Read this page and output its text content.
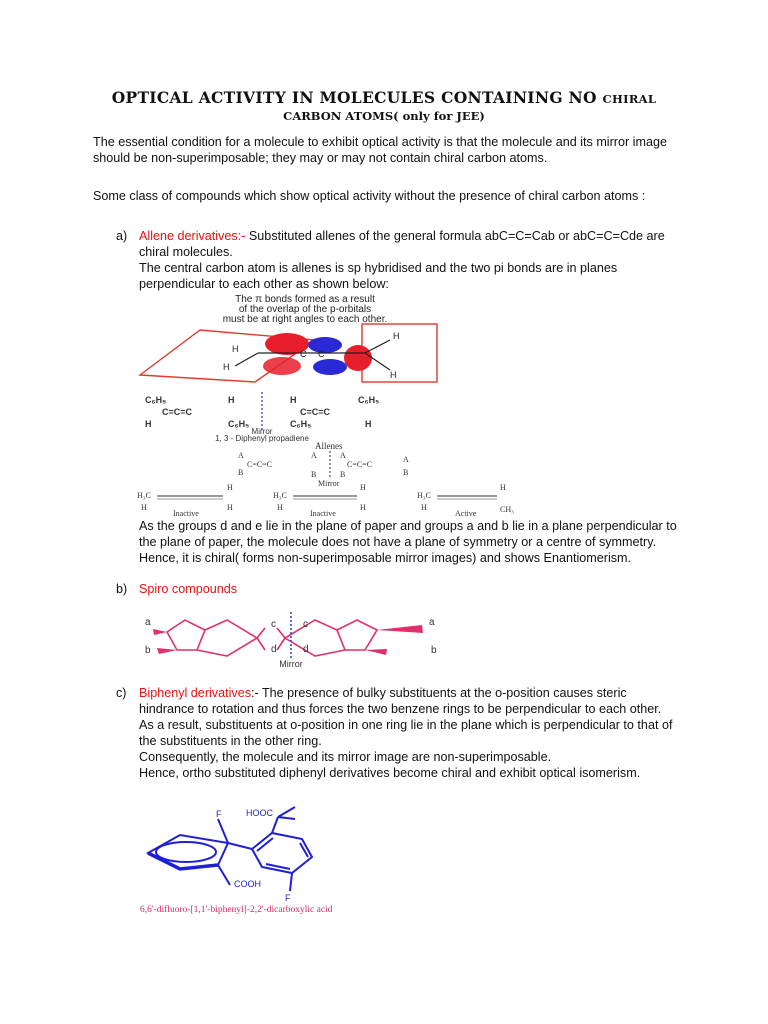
OPTICAL ACTIVITY IN MOLECULES CONTAINING NO CHIRAL
CARBON ATOMS( only for JEE)
The essential condition for a molecule to exhibit optical activity is that the molecule and its mirror image should be non-superimposable; they may or may not contain chiral carbon atoms.
Some class of compounds which show optical activity without the presence of chiral carbon atoms :
a) Allene derivatives:- Substituted allenes of the general formula abC=C=Cab or abC=C=Cde are chiral molecules.
The central carbon atom is allenes is sp hybridised and the two pi bonds are in planes perpendicular to each other as shown below:
The π bonds formed as a result
of the overlap of the p-orbitals
must be at right angles to each other.
H
H
H
H
C C
C₆H₅
C=C=C
H
H
C₆H₅
H
C=C=C
C₆H₅
C₆H₅
H
Mirror
1, 3 - Diphenyl propadiene
Allenes
A
C=C=C
B
A
B
A
C=C=C
B
A
B
Mirror
H₃C
H
H	H
Inactive
H₃C
H
H	H
Inactive
H₃C
H
H	CH₃
Active
As the groups d and e lie in the plane of paper and groups a and b lie in a plane perpendicular to the plane of paper, the molecule does not have a plane of symmetry or a centre of symmetry. Hence, it is chiral( forms non-superimposable mirror images) and shows Enantiomerism.
b) Spiro compounds
a
b
c
d
c
d
a
b
Mirror
c) Biphenyl derivatives:- The presence of bulky substituents at the o-position causes steric hindrance to rotation and thus forces the two benzene rings to be perpendicular to each other.
As a result, substituents at o-position in one ring lie in the plane which is perpendicular to that of the substituents in the other ring.
Consequently, the molecule and its mirror image are non-superimposable.
Hence, ortho substituted diphenyl derivatives become chiral and exhibit optical isomerism.
F	HOOC
COOH
F
6,6'-difluoro-[1,1'-biphenyl]-2,2'-dicarboxylic acid
